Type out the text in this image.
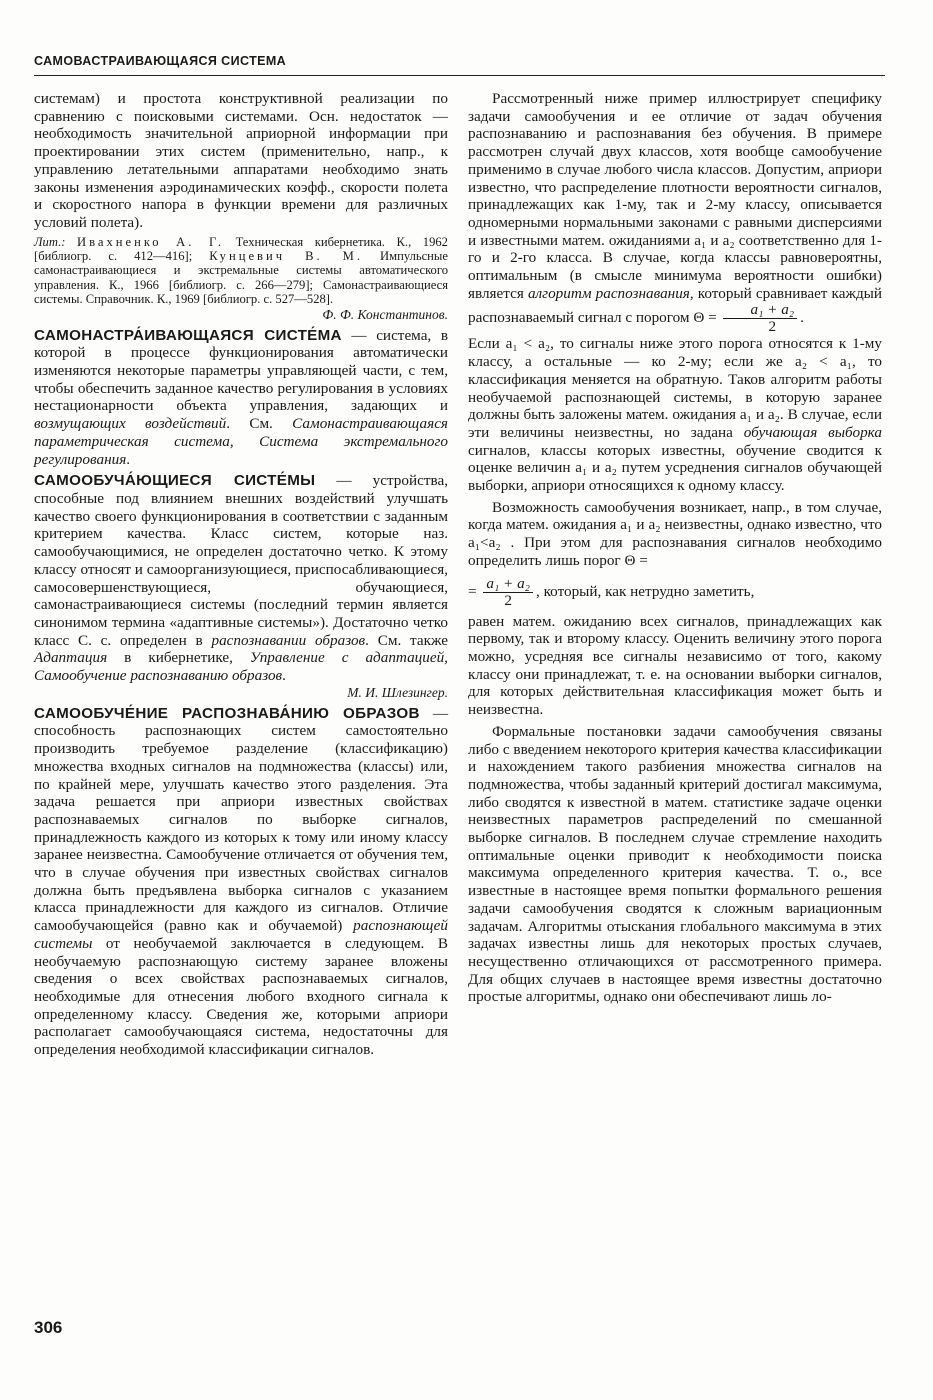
САМОВАСТРАИВАЮЩАЯСЯ СИСТЕМА

системам) и простота конструктивной реализации по сравнению с поисковыми системами. Осн. недостаток — необходимость значительной априорной информации при проектировании этих систем (применительно, напр., к управлению летательными аппаратами необходимо знать законы изменения аэродинамических коэфф., скорости полета и скоростного напора в функции времени для различных условий полета).

Лит.: Ивахненко А. Г. Техническая кибернетика. К., 1962 [библиогр. с. 412—416]; Кунцевич В. М. Импульсные самонастраивающиеся и экстремальные системы автоматического управления. К., 1966 [библиогр. с. 266—279]; Самонастраивающиеся системы. Справочник. К., 1969 [библиогр. с. 527—528].

Ф. Ф. Константинов.

САМОНАСТРА́ИВАЮЩАЯСЯ СИСТЕ́МА — система, в которой в процессе функционирования автоматически изменяются некоторые параметры управляющей части, с тем, чтобы обеспечить заданное качество регулирования в условиях нестационарности объекта управления, задающих и возмущающих воздействий. См. Самонастраивающаяся параметрическая система, Система экстремального регулирования.

САМООБУЧА́ЮЩИЕСЯ СИСТЕ́МЫ — устройства, способные под влиянием внешних воздействий улучшать качество своего функционирования в соответствии с заданным критерием качества. Класс систем, которые наз. самообучающимися, не определен достаточно четко. К этому классу относят и самоорганизующиеся, приспосабливающиеся, самосовершенствующиеся, обучающиеся, самонастраивающиеся системы (последний термин является синонимом термина «адаптивные системы»). Достаточно четко класс С. с. определен в распознавании образов. См. также Адаптация в кибернетике, Управление с адаптацией, Самообучение распознаванию образов.

М. И. Шлезингер.

САМООБУЧЕ́НИЕ РАСПОЗНАВА́НИЮ ОБРАЗОВ — способность распознающих систем самостоятельно производить требуемое разделение (классификацию) множества входных сигналов на подмножества (классы) или, по крайней мере, улучшать качество этого разделения. Эта задача решается при априори известных свойствах распознаваемых сигналов по выборке сигналов, принадлежность каждого из которых к тому или иному классу заранее неизвестна. Самообучение отличается от обучения тем, что в случае обучения при известных свойствах сигналов должна быть предъявлена выборка сигналов с указанием класса принадлежности для каждого из сигналов. Отличие самообучающейся (равно как и обучаемой) распознающей системы от необучаемой заключается в следующем. В необучаемую распознающую систему заранее вложены сведения о всех свойствах распознаваемых сигналов, необходимые для отнесения любого входного сигнала к определенному классу. Сведения же, которыми априори располагает самообучающаяся система, недостаточны для определения необходимой классификации сигналов.

Рассмотренный ниже пример иллюстрирует специфику задачи самообучения и ее отличие от задач обучения распознаванию и распознавания без обучения. В примере рассмотрен случай двух классов, хотя вообще самообучение применимо в случае любого числа классов. Допустим, априори известно, что распределение плотности вероятности сигналов, принадлежащих как 1-му, так и 2-му классу, описывается одномерными нормальными законами с равными дисперсиями и известными матем. ожиданиями a₁ и a₂ соответственно для 1-го и 2-го класса. В случае, когда классы равновероятны, оптимальным (в смысле минимума вероятности ошибки) является алгоритм распознавания, который сравнивает каждый распознаваемый сигнал с порогом $\Theta = \frac{\text{a₁ + a₂}}{2}$ .

Если a₁ < a₂, то сигналы ниже этого порога относятся к 1-му классу, а остальные — ко 2-му; если же a₂ < a₁, то классификация меняется на обратную. Таков алгоритм работы необучаемой распознающей системы, в которую заранее должны быть заложены матем. ожидания a₁ и a₂. В случае, если эти величины неизвестны, но задана обучающая выборка сигналов, классы которых известны, обучение сводится к оценке величин a₁ и a₂ путем усреднения сигналов обучающей выборки, априори относящихся к одному классу.

Возможность самообучения возникает, напр., в том случае, когда матем. ожидания a₁ и a₂ неизвестны, однако известно, что a₁<a₂ . При этом для распознавания сигналов необходимо определить лишь порог Θ =

= $\frac{\text{a₁ + a₂}}{2}$ , который, как нетрудно заметить,

равен матем. ожиданию всех сигналов, принадлежащих как первому, так и второму классу. Оценить величину этого порога можно, усредняя все сигналы независимо от того, какому классу они принадлежат, т. е. на основании выборки сигналов, для которых действительная классификация может быть и неизвестна.

Формальные постановки задачи самообучения связаны либо с введением некоторого критерия качества классификации и нахождением такого разбиения множества сигналов на подмножества, чтобы заданный критерий достигал максимума, либо сводятся к известной в матем. статистике задаче оценки неизвестных параметров распределений по смешанной выборке сигналов. В последнем случае стремление находить оптимальные оценки приводит к необходимости поиска максимума определенного критерия качества. Т. о., все известные в настоящее время попытки формального решения задачи самообучения сводятся к сложным вариационным задачам. Алгоритмы отыскания глобального максимума в этих задачах известны лишь для некоторых простых случаев, несущественно отличающихся от рассмотренного примера. Для общих случаев в настоящее время известны достаточно простые алгоритмы, однако они обеспечивают лишь ло-

306
